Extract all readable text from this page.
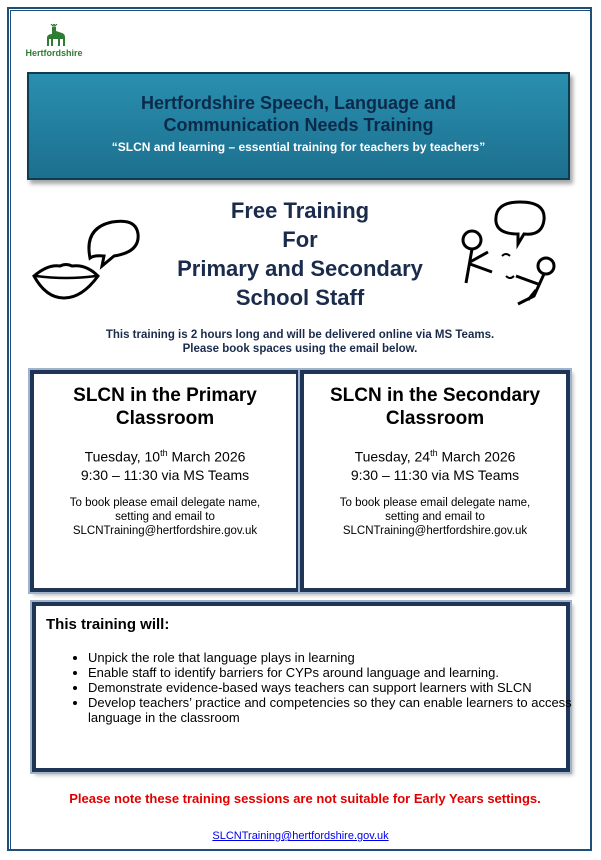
Hertfordshire
Hertfordshire Speech, Language and
Communication Needs Training
“SLCN and learning – essential training for teachers by teachers”
Free Training
For
Primary and Secondary
School Staff
This training is 2 hours long and will be delivered online via MS Teams.
Please book spaces using the email below.
SLCN in the Primary
Classroom
Tuesday, 10th March 2026
9:30 – 11:30 via MS Teams
To book please email delegate name,
setting and email to
SLCNTraining@hertfordshire.gov.uk
SLCN in the Secondary
Classroom
Tuesday, 24th March 2026
9:30 – 11:30 via MS Teams
To book please email delegate name,
setting and email to
SLCNTraining@hertfordshire.gov.uk
This training will:
• Unpick the role that language plays in learning
• Enable staff to identify barriers for CYPs around language and learning.
• Demonstrate evidence-based ways teachers can support learners with SLCN
• Develop teachers’ practice and competencies so they can enable learners to access language in the classroom
Please note these training sessions are not suitable for Early Years settings.
SLCNTraining@hertfordshire.gov.uk
